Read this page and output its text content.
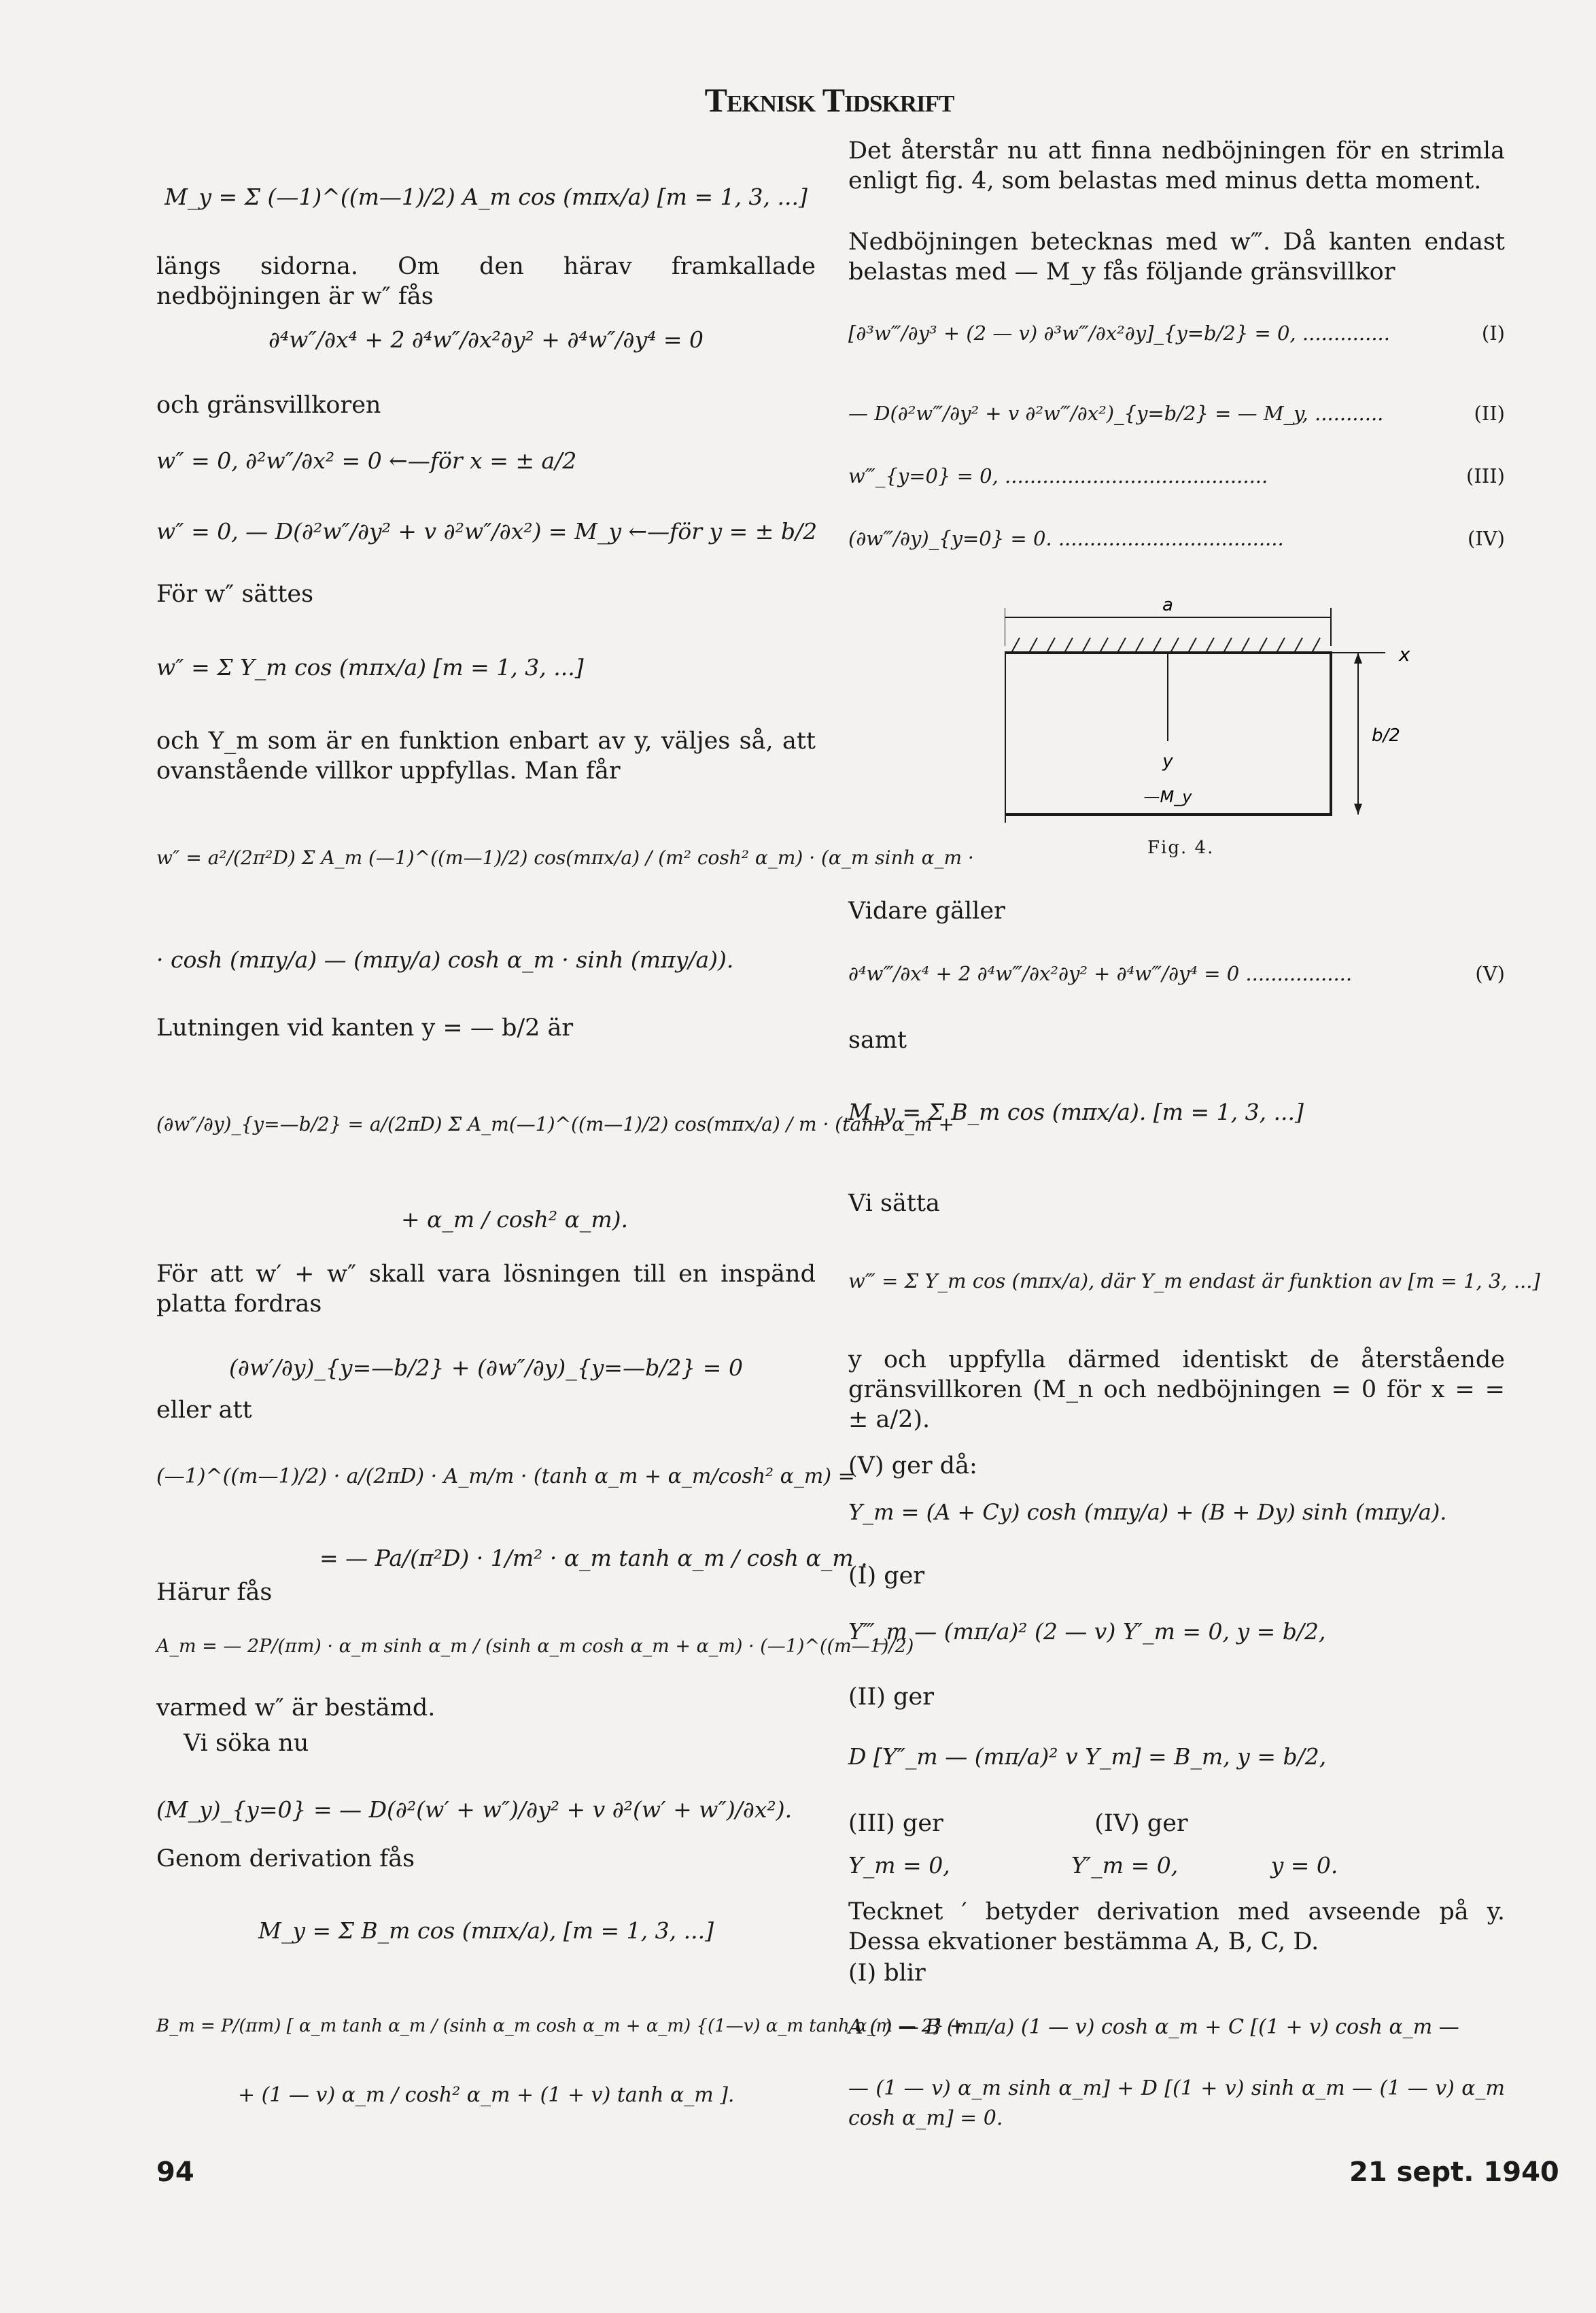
Teknisk Tidskrift
M_y = Σ (—1)^((m—1)/2) A_m cos (mπx/a) [m = 1, 3, ...]
längs sidorna. Om den härav framkallade nedböjningen är w″ fås
∂⁴w″/∂x⁴ + 2 ∂⁴w″/∂x²∂y² + ∂⁴w″/∂y⁴ = 0
och gränsvillkoren
w″ = 0, ∂²w″/∂x² = 0 ←—för x = ± a/2
w″ = 0, — D(∂²w″/∂y² + v ∂²w″/∂x²) = M_y ←—för y = ± b/2
För w″ sättes
w″ = Σ Y_m cos (mπx/a) [m = 1, 3, ...]
och Y_m som är en funktion enbart av y, väljes så, att ovanstående villkor uppfyllas. Man får
w″ = a²/(2π²D) Σ A_m (—1)^((m—1)/2) cos(mπx/a) / (m² cosh² α_m) · (α_m sinh α_m ·
· cosh (mπy/a) — (mπy/a) cosh α_m · sinh (mπy/a)).
Lutningen vid kanten y = — b/2 är
(∂w″/∂y)_{y=—b/2} = a/(2πD) Σ A_m(—1)^((m—1)/2) cos(mπx/a) / m · (tanh α_m +
+ α_m / cosh² α_m).
För att w′ + w″ skall vara lösningen till en inspänd platta fordras
(∂w′/∂y)_{y=—b/2} + (∂w″/∂y)_{y=—b/2} = 0
eller att
(—1)^((m—1)/2) · a/(2πD) · A_m/m · (tanh α_m + α_m/cosh² α_m) =
= — Pa/(π²D) · 1/m² · α_m tanh α_m / cosh α_m .
Härur fås
A_m = — 2P/(πm) · α_m sinh α_m / (sinh α_m cosh α_m + α_m) · (—1)^((m—1)/2)
varmed w″ är bestämd.
Vi söka nu
(M_y)_{y=0} = — D(∂²(w′ + w″)/∂y² + v ∂²(w′ + w″)/∂x²).
Genom derivation fås
M_y = Σ B_m cos (mπx/a), [m = 1, 3, ...]
B_m = P/(πm) [ α_m tanh α_m / (sinh α_m cosh α_m + α_m) {(1—v) α_m tanh α_m — 2} +
+ (1 — v) α_m / cosh² α_m + (1 + v) tanh α_m ].
Det återstår nu att finna nedböjningen för en strimla enligt fig. 4, som belastas med minus detta moment.
Nedböjningen betecknas med w‴. Då kanten endast belastas med — M_y fås följande gränsvillkor
[∂³w‴/∂y³ + (2 — v) ∂³w‴/∂x²∂y]_{y=b/2} = 0, ..............	(I)
— D(∂²w‴/∂y² + v ∂²w‴/∂x²)_{y=b/2} = — M_y, ...........	(II)
w‴_{y=0} = 0, ..........................................	(III)
(∂w‴/∂y)_{y=0} = 0. ....................................	(IV)
Vidare gäller
∂⁴w‴/∂x⁴ + 2 ∂⁴w‴/∂x²∂y² + ∂⁴w‴/∂y⁴ = 0 .................	(V)
samt
M_y = Σ B_m cos (mπx/a). [m = 1, 3, ...]
Vi sätta
w‴ = Σ Y_m cos (mπx/a), där Y_m endast är funktion av [m = 1, 3, ...]
y och uppfylla därmed identiskt de återstående gränsvillkoren (M_n och nedböjningen = 0 för x = = ± a/2).
(V) ger då:
Y_m = (A + Cy) cosh (mπy/a) + (B + Dy) sinh (mπy/a).
(I) ger
Y‴_m — (mπ/a)² (2 — v) Y′_m = 0, y = b/2,
(II) ger
D [Y″_m — (mπ/a)² v Y_m] = B_m, y = b/2,
(III) ger                    (IV) ger
Y_m = 0,                 Y′_m = 0,             y = 0.
Tecknet ′ betyder derivation med avseende på y. Dessa ekvationer bestämma A, B, C, D.
(I) blir
A ( ) — B (mπ/a) (1 — v) cosh α_m + C [(1 + v) cosh α_m —
— (1 — v) α_m sinh α_m] + D [(1 + v) sinh α_m — (1 — v) α_m cosh α_m] = 0.
a
x
y
—M_y
b/2
Fig. 4.
94	21 sept. 1940
